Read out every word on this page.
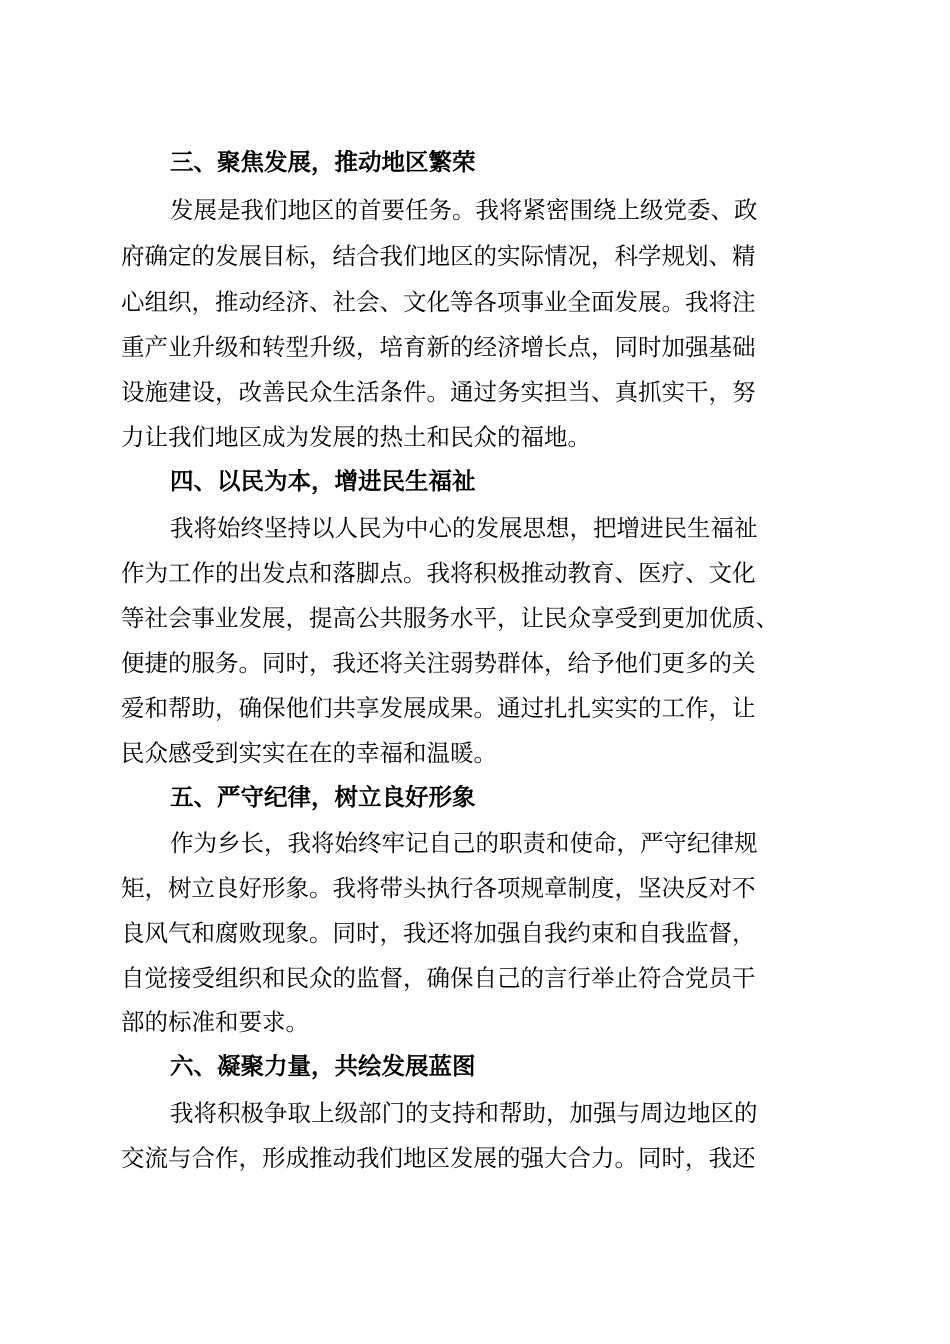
三、聚焦发展，推动地区繁荣

发展是我们地区的首要任务。我将紧密围绕上级党委、政

府确定的发展目标，结合我们地区的实际情况，科学规划、精

心组织，推动经济、社会、文化等各项事业全面发展。我将注

重产业升级和转型升级，培育新的经济增长点，同时加强基础

设施建设，改善民众生活条件。通过务实担当、真抓实干，努

力让我们地区成为发展的热土和民众的福地。

四、以民为本，增进民生福祉

我将始终坚持以人民为中心的发展思想，把增进民生福祉

作为工作的出发点和落脚点。我将积极推动教育、医疗、文化

等社会事业发展，提高公共服务水平，让民众享受到更加优质、

便捷的服务。同时，我还将关注弱势群体，给予他们更多的关

爱和帮助，确保他们共享发展成果。通过扎扎实实的工作，让

民众感受到实实在在的幸福和温暖。

五、严守纪律，树立良好形象

作为乡长，我将始终牢记自己的职责和使命，严守纪律规

矩，树立良好形象。我将带头执行各项规章制度，坚决反对不

良风气和腐败现象。同时，我还将加强自我约束和自我监督，

自觉接受组织和民众的监督，确保自己的言行举止符合党员干

部的标准和要求。

六、凝聚力量，共绘发展蓝图

我将积极争取上级部门的支持和帮助，加强与周边地区的

交流与合作，形成推动我们地区发展的强大合力。同时，我还
